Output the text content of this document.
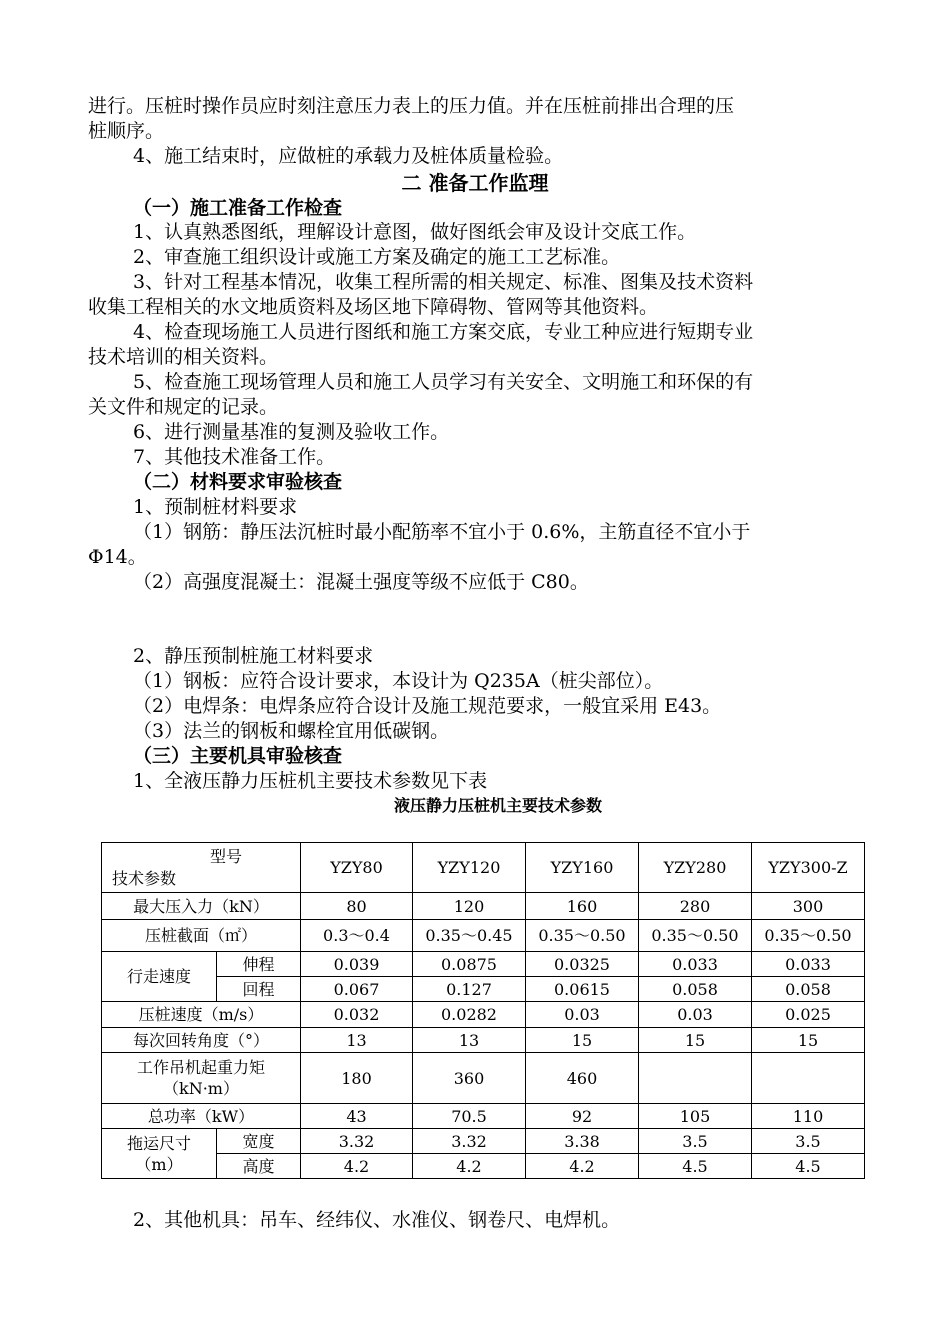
进行。压桩时操作员应时刻注意压力表上的压力值。并在压桩前排出合理的压
桩顺序。
4、施工结束时，应做桩的承载力及桩体质量检验。
二 准备工作监理
（一）施工准备工作检查
1、认真熟悉图纸，理解设计意图，做好图纸会审及设计交底工作。
2、审查施工组织设计或施工方案及确定的施工工艺标准。
3、针对工程基本情况，收集工程所需的相关规定、标准、图集及技术资料
收集工程相关的水文地质资料及场区地下障碍物、管网等其他资料。
4、检查现场施工人员进行图纸和施工方案交底，专业工种应进行短期专业
技术培训的相关资料。
5、检查施工现场管理人员和施工人员学习有关安全、文明施工和环保的有
关文件和规定的记录。
6、进行测量基准的复测及验收工作。
7、其他技术准备工作。
（二）材料要求审验核查
1、预制桩材料要求
（1）钢筋：静压法沉桩时最小配筋率不宜小于 0.6%，主筋直径不宜小于
Φ14。
（2）高强度混凝土：混凝土强度等级不应低于 C80。
2、静压预制桩施工材料要求
（1）钢板：应符合设计要求，本设计为 Q235A（桩尖部位）。
（2）电焊条：电焊条应符合设计及施工规范要求，一般宜采用 E43。
（3）法兰的钢板和螺栓宜用低碳钢。
（三）主要机具审验核查
1、全液压静力压桩机主要技术参数见下表
液压静力压桩机主要技术参数
型号
技术参数		YZY80	YZY120	YZY160	YZY280	YZY300-Z
最大压入力（kN）		80	120	160	280	300
压桩截面（㎡）		0.3～0.4	0.35～0.45	0.35～0.50	0.35～0.50	0.35～0.50
行走速度	伸程	0.039	0.0875	0.0325	0.033	0.033
	回程	0.067	0.127	0.0615	0.058	0.058
压桩速度（m/s）		0.032	0.0282	0.03	0.03	0.025
每次回转角度（°）		13	13	15	15	15

工作吊机起重力矩
（kN·m）		180	360	460		
总功率（kW）		43	70.5	92	105	110

拖运尺寸
（m）	宽度	3.32	3.32	3.38	3.5	3.5
	高度	4.2	4.2	4.2	4.5	4.5
2、其他机具：吊车、经纬仪、水准仪、钢卷尺、电焊机。
